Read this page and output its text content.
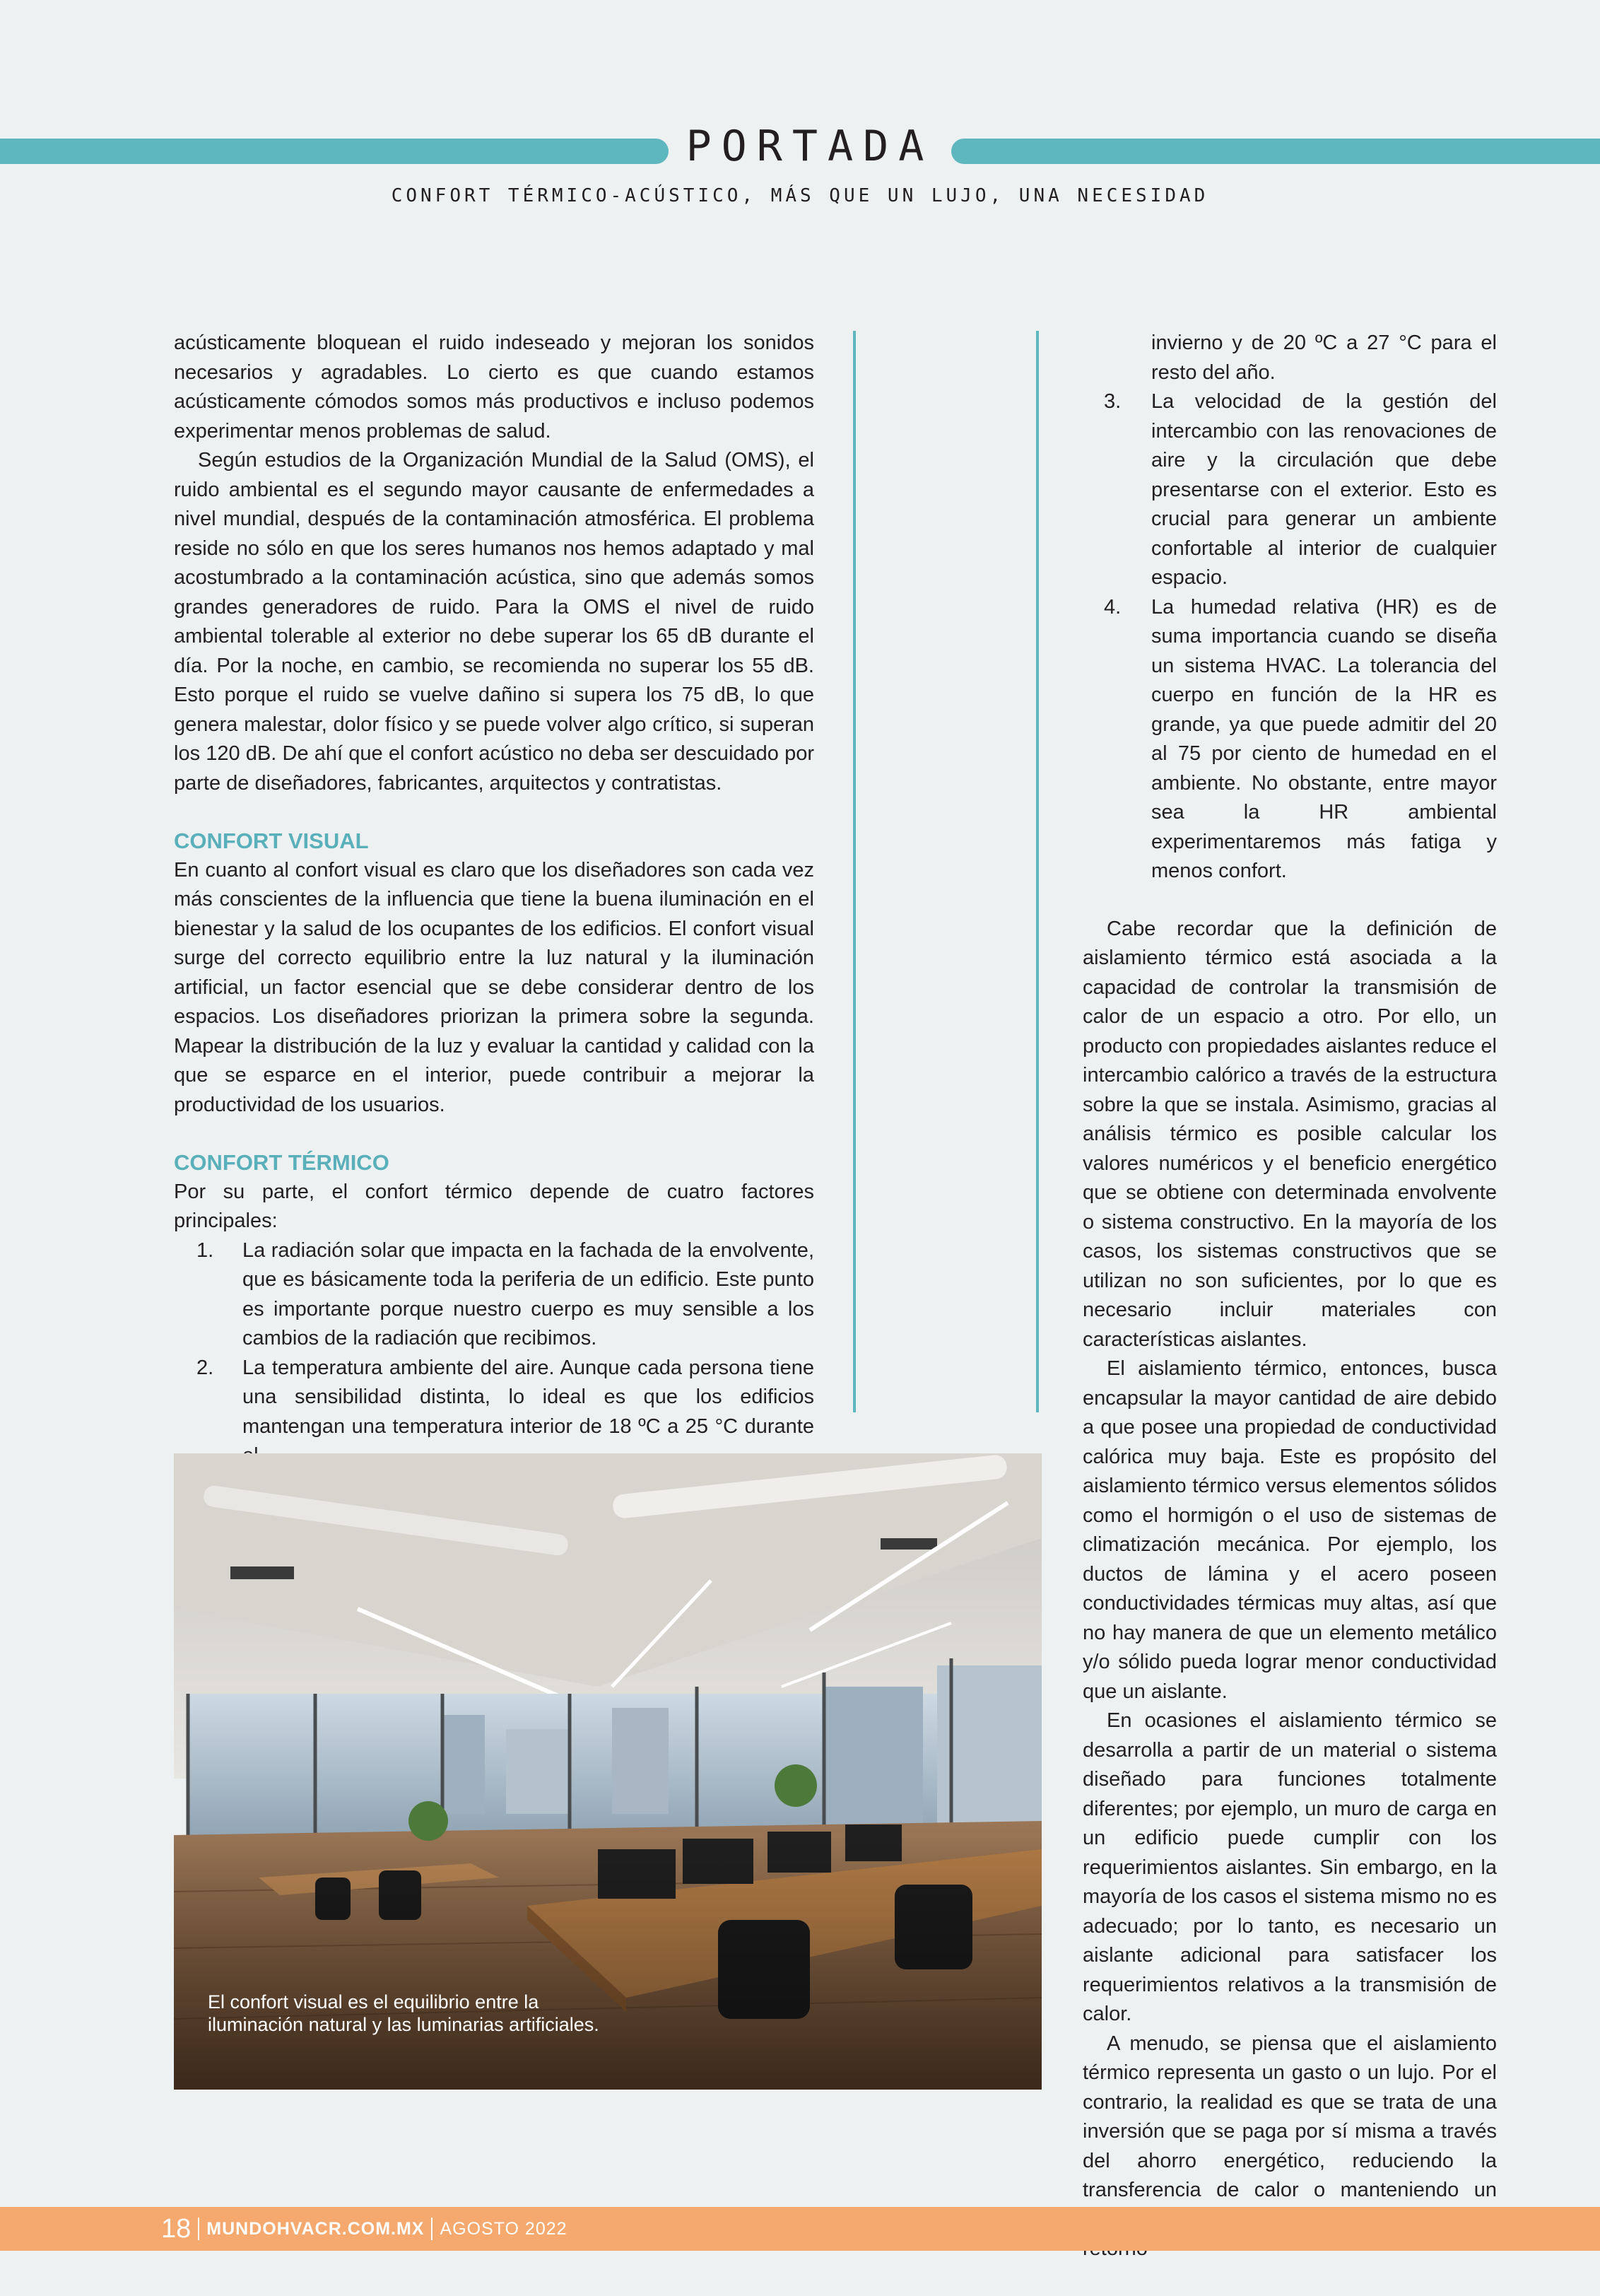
PORTADA
CONFORT TÉRMICO-ACÚSTICO, MÁS QUE UN LUJO, UNA NECESIDAD

acústicamente bloquean el ruido indeseado y mejoran los sonidos necesarios y agradables. Lo cierto es que cuando estamos acústicamente cómodos somos más productivos e incluso podemos experimentar menos problemas de salud.

Según estudios de la Organización Mundial de la Salud (OMS), el ruido ambiental es el segundo mayor causante de enfermedades a nivel mundial, después de la contaminación atmosférica. El problema reside no sólo en que los seres humanos nos hemos adaptado y mal acostumbrado a la contaminación acústica, sino que además somos grandes generadores de ruido. Para la OMS el nivel de ruido ambiental tolerable al exterior no debe superar los 65 dB durante el día. Por la noche, en cambio, se recomienda no superar los 55 dB. Esto porque el ruido se vuelve dañino si supera los 75 dB, lo que genera malestar, dolor físico y se puede volver algo crítico, si superan los 120 dB. De ahí que el confort acústico no deba ser descuidado por parte de diseñadores, fabricantes, arquitectos y contratistas.

CONFORT VISUAL

En cuanto al confort visual es claro que los diseñadores son cada vez más conscientes de la influencia que tiene la buena iluminación en el bienestar y la salud de los ocupantes de los edificios. El confort visual surge del correcto equilibrio entre la luz natural y la iluminación artificial, un factor esencial que se debe considerar dentro de los espacios. Los diseñadores priorizan la primera sobre la segunda. Mapear la distribución de la luz y evaluar la cantidad y calidad con la que se esparce en el interior, puede contribuir a mejorar la productividad de los usuarios.

CONFORT TÉRMICO

Por su parte, el confort térmico depende de cuatro factores principales:

1. La radiación solar que impacta en la fachada de la envolvente, que es básicamente toda la periferia de un edificio. Este punto es importante porque nuestro cuerpo es muy sensible a los cambios de la radiación que recibimos.
2. La temperatura ambiente del aire. Aunque cada persona tiene una sensibilidad distinta, lo ideal es que los edificios mantengan una temperatura interior de 18 ºC a 25 °C durante
invierno y de 20 ºC a 27 °C para el resto del año.
3. La velocidad de la gestión del intercambio con las renovaciones de aire y la circulación que debe presentarse con el exterior. Esto es crucial para generar un ambiente confortable al interior de cualquier espacio.
4. La humedad relativa (HR) es de suma importancia cuando se diseña un sistema HVAC. La tolerancia del cuerpo en función de la HR es grande, ya que puede admitir del 20 al 75 por ciento de humedad en el ambiente. No obstante, entre mayor sea la HR ambiental experimentaremos más fatiga y menos confort.

Cabe recordar que la definición de aislamiento térmico está asociada a la capacidad de controlar la transmisión de calor de un espacio a otro. Por ello, un producto con propiedades aislantes reduce el intercambio calórico a través de la estructura sobre la que se instala. Asimismo, gracias al análisis térmico es posible calcular los valores numéricos y el beneficio energético que se obtiene con determinada envolvente o sistema constructivo. En la mayoría de los casos, los sistemas constructivos que se utilizan no son suficientes, por lo que es necesario incluir materiales con características aislantes.

El aislamiento térmico, entonces, busca encapsular la mayor cantidad de aire debido a que posee una propiedad de conductividad calórica muy baja. Este es propósito del aislamiento térmico versus elementos sólidos como el hormigón o el uso de sistemas de climatización mecánica. Por ejemplo, los ductos de lámina y el acero poseen conductividades térmicas muy altas, así que no hay manera de que un elemento metálico y/o sólido pueda lograr menor conductividad que un aislante.

En ocasiones el aislamiento térmico se desarrolla a partir de un material o sistema diseñado para funciones totalmente diferentes; por ejemplo, un muro de carga en un edificio puede cumplir con los requerimientos aislantes. Sin embargo, en la mayoría de los casos el sistema mismo no es adecuado; por lo tanto, es necesario un aislante adicional para satisfacer los requerimientos relativos a la transmisión de calor.

A menudo, se piensa que el aislamiento térmico representa un gasto o un lujo. Por el contrario, la realidad es que se trata de una inversión que se paga por sí misma a través del ahorro energético, reduciendo la transferencia de calor o manteniendo un

El confort visual es el equilibrio entre la iluminación natural y las luminarias artificiales.
18 MUNDOHVACR.COM.MX AGOSTO 2022
